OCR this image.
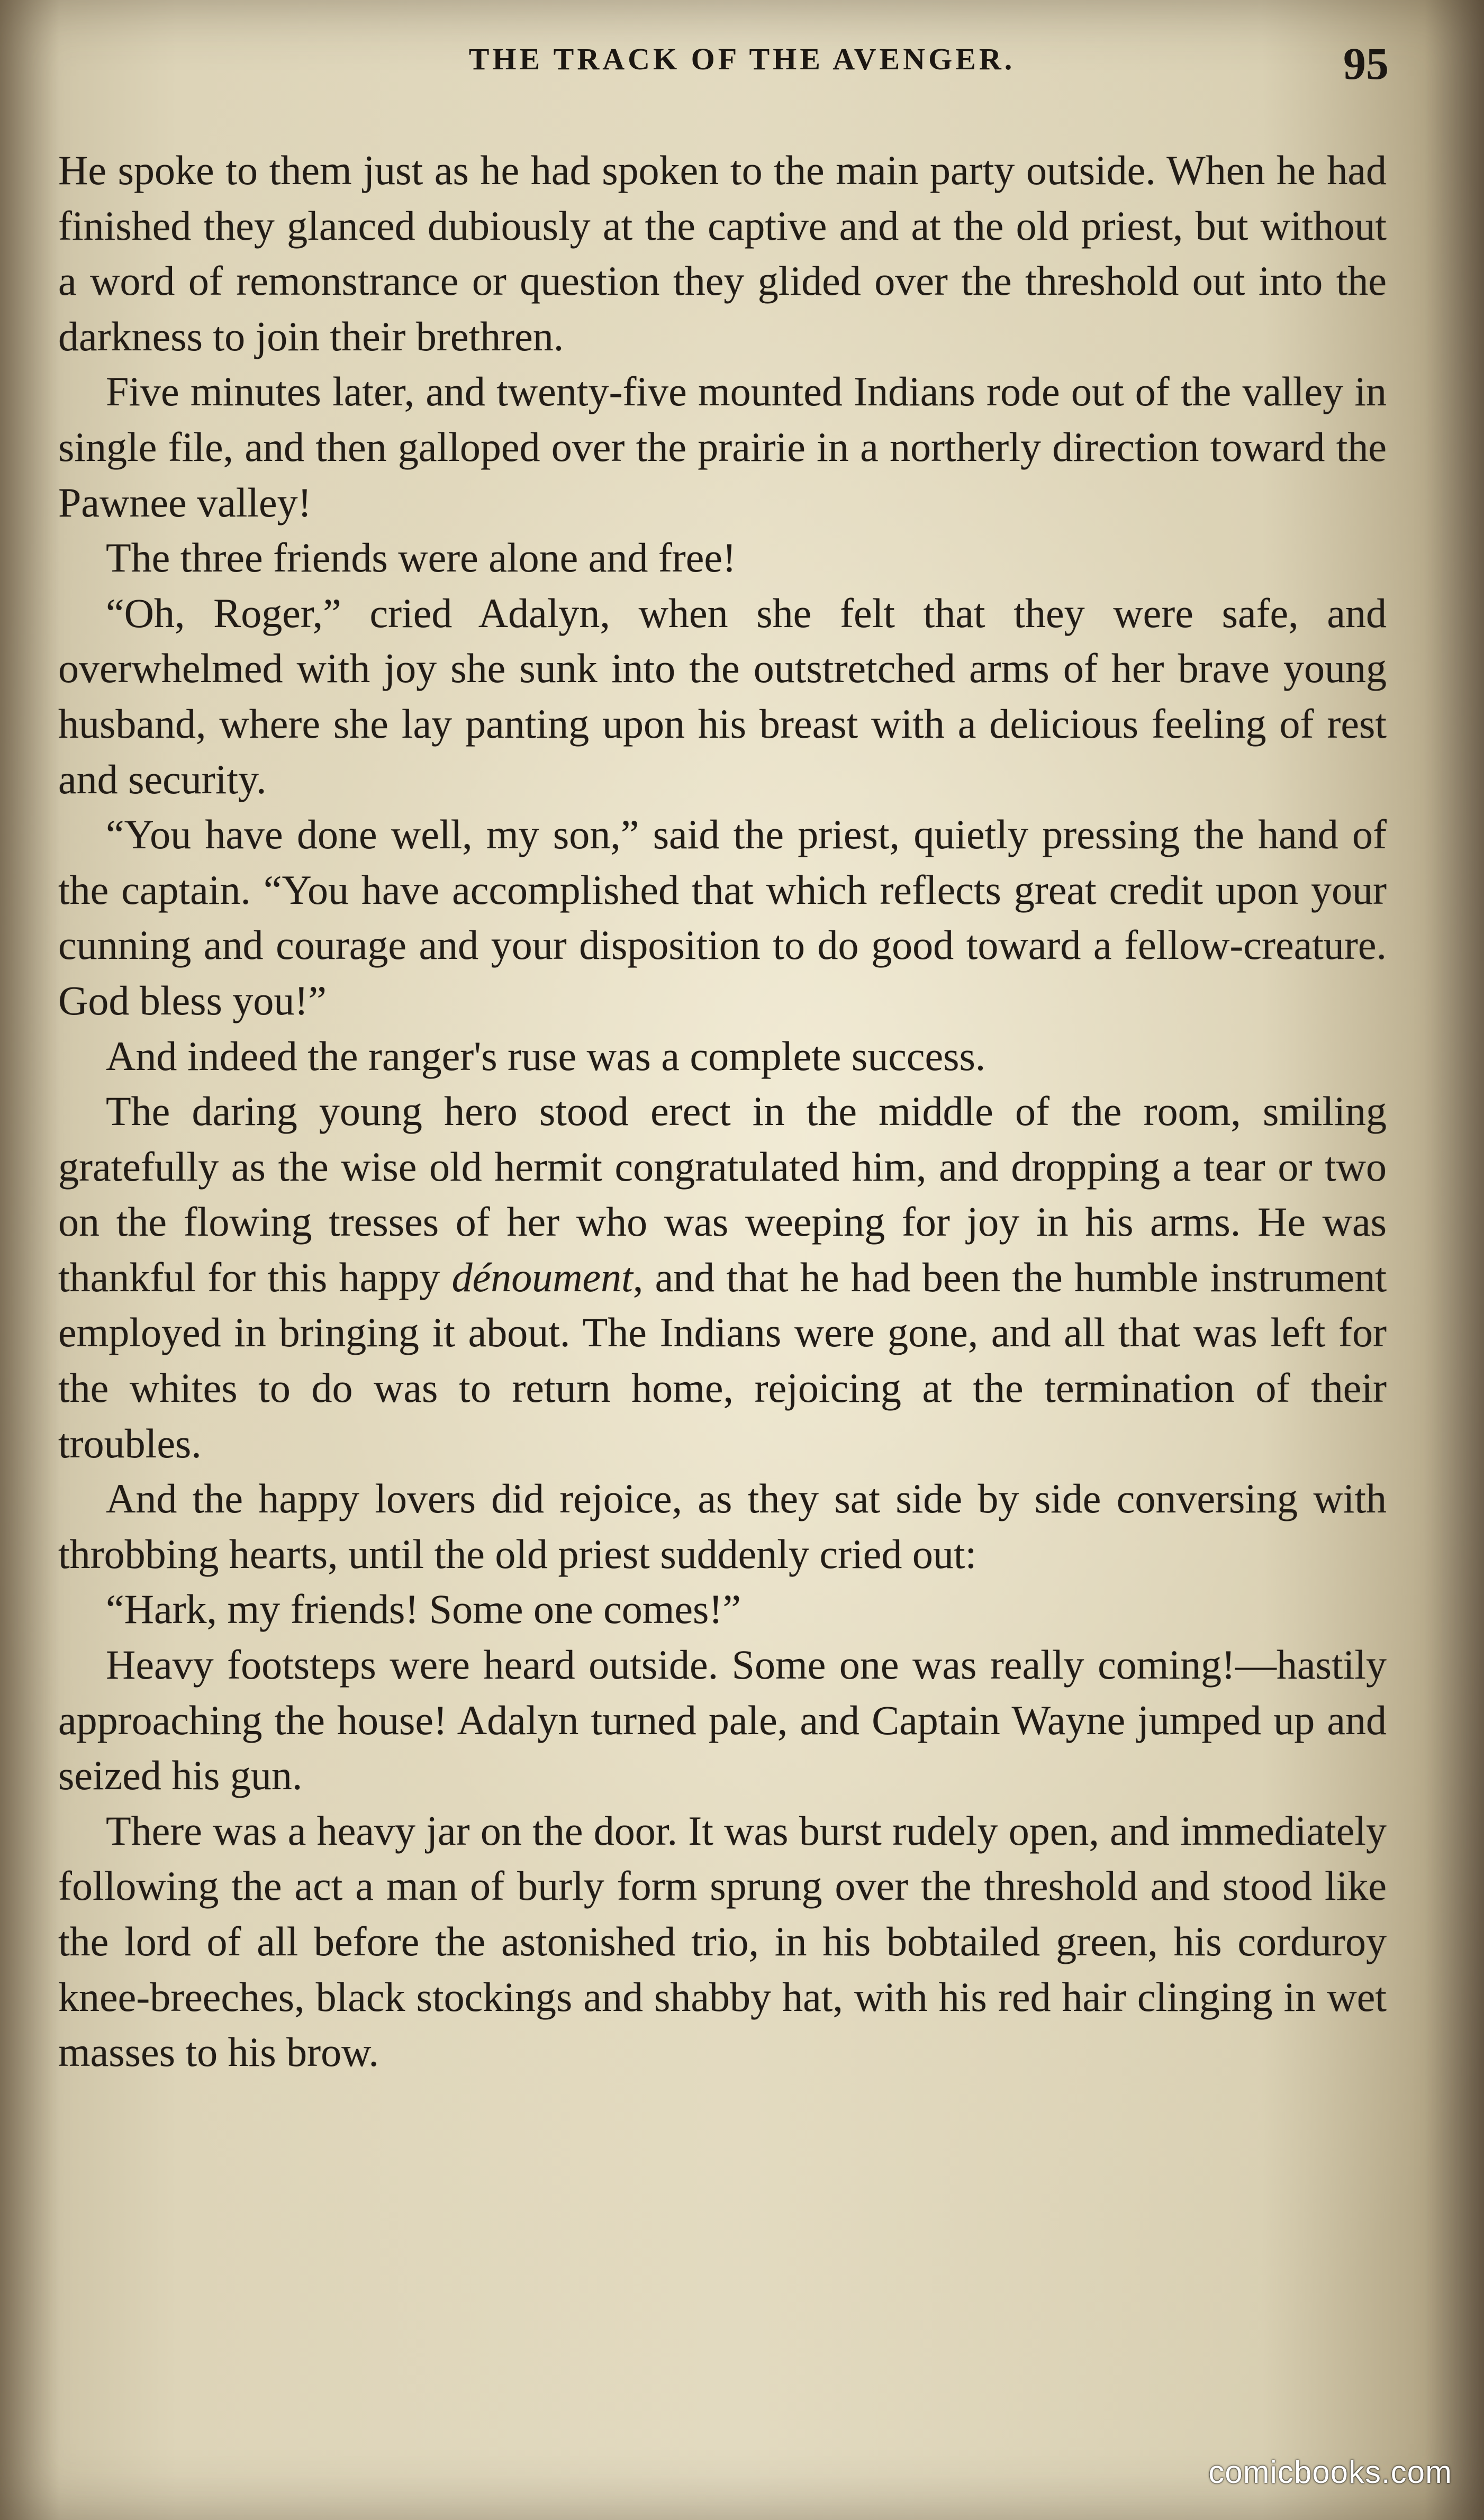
THE TRACK OF THE AVENGER.	95

He spoke to them just as he had spoken to the main party outside. When he had finished they glanced dubiously at the captive and at the old priest, but without a word of remonstrance or question they glided over the threshold out into the darkness to join their brethren.

Five minutes later, and twenty-five mounted Indians rode out of the valley in single file, and then galloped over the prairie in a northerly direction toward the Pawnee valley!

The three friends were alone and free!

“Oh, Roger,” cried Adalyn, when she felt that they were safe, and overwhelmed with joy she sunk into the outstretched arms of her brave young husband, where she lay panting upon his breast with a delicious feeling of rest and security.

“You have done well, my son,” said the priest, quietly pressing the hand of the captain. “You have accomplished that which reflects great credit upon your cunning and courage and your disposition to do good toward a fellow-creature. God bless you!”

And indeed the ranger's ruse was a complete success.

The daring young hero stood erect in the middle of the room, smiling gratefully as the wise old hermit congratulated him, and dropping a tear or two on the flowing tresses of her who was weeping for joy in his arms. He was thankful for this happy dénoument, and that he had been the humble instrument employed in bringing it about. The Indians were gone, and all that was left for the whites to do was to return home, rejoicing at the termination of their troubles.

And the happy lovers did rejoice, as they sat side by side conversing with throbbing hearts, until the old priest suddenly cried out:

“Hark, my friends! Some one comes!”

Heavy footsteps were heard outside. Some one was really coming!—hastily approaching the house! Adalyn turned pale, and Captain Wayne jumped up and seized his gun.

There was a heavy jar on the door. It was burst rudely open, and immediately following the act a man of burly form sprung over the threshold and stood like the lord of all before the astonished trio, in his bobtailed green, his corduroy knee-breeches, black stockings and shabby hat, with his red hair clinging in wet masses to his brow.

comicbooks.com
